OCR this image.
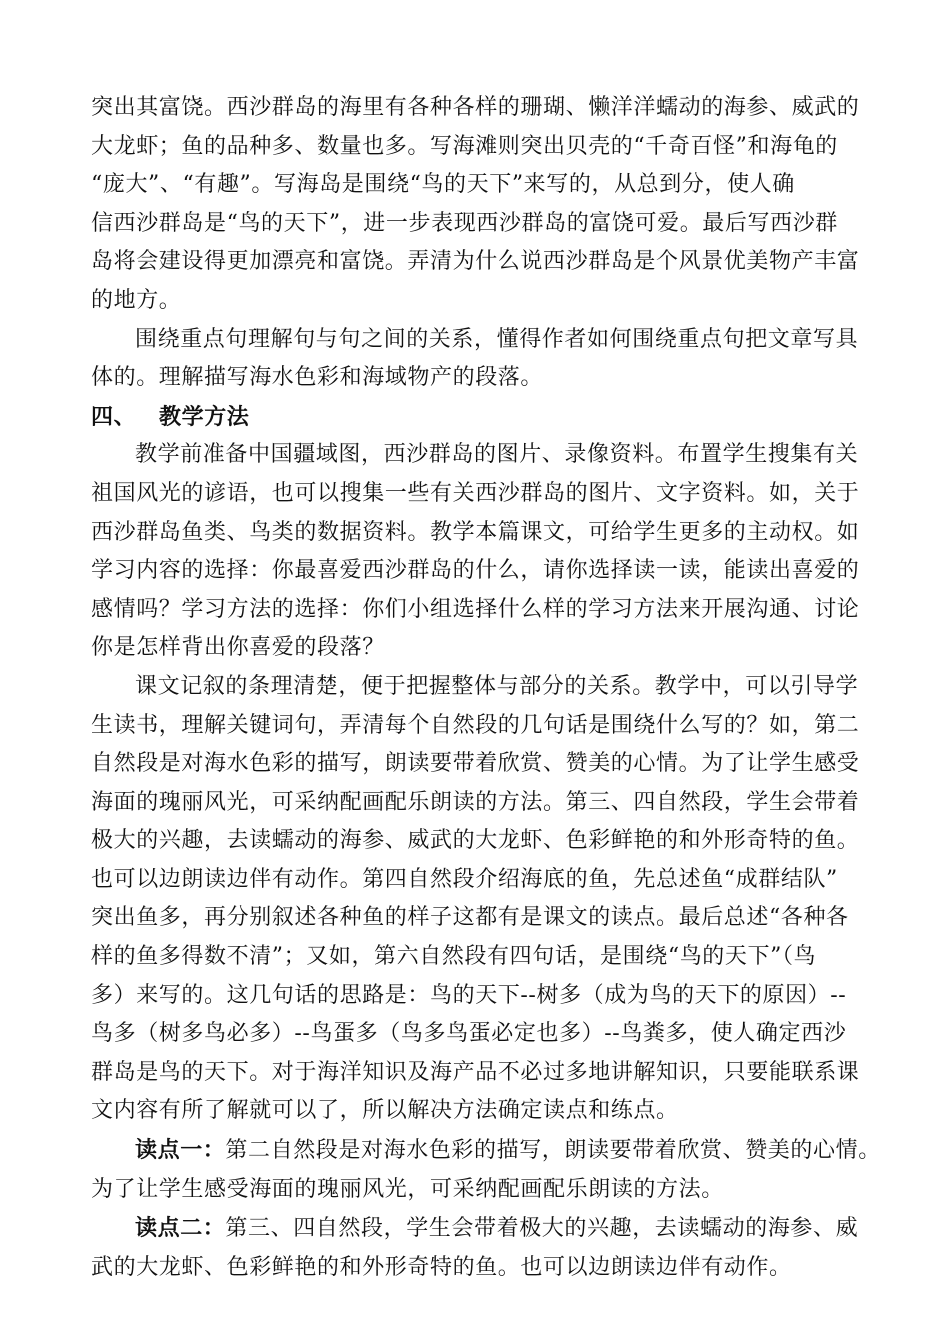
突出其富饶。西沙群岛的海里有各种各样的珊瑚、懒洋洋蠕动的海参、威武的
大龙虾；鱼的品种多、数量也多。写海滩则突出贝壳的“千奇百怪”和海龟的
“庞大”、“有趣”。写海岛是围绕“鸟的天下”来写的，从总到分，使人确
信西沙群岛是“鸟的天下”，进一步表现西沙群岛的富饶可爱。最后写西沙群
岛将会建设得更加漂亮和富饶。弄清为什么说西沙群岛是个风景优美物产丰富
的地方。

围绕重点句理解句与句之间的关系，懂得作者如何围绕重点句把文章写具
体的。理解描写海水色彩和海域物产的段落。

四、 教学方法

教学前准备中国疆域图，西沙群岛的图片、录像资料。布置学生搜集有关
祖国风光的谚语，也可以搜集一些有关西沙群岛的图片、文字资料。如，关于
西沙群岛鱼类、鸟类的数据资料。教学本篇课文，可给学生更多的主动权。如
学习内容的选择：你最喜爱西沙群岛的什么，请你选择读一读，能读出喜爱的
感情吗？学习方法的选择：你们小组选择什么样的学习方法来开展沟通、讨论
你是怎样背出你喜爱的段落？

课文记叙的条理清楚，便于把握整体与部分的关系。教学中，可以引导学
生读书，理解关键词句，弄清每个自然段的几句话是围绕什么写的？如，第二
自然段是对海水色彩的描写，朗读要带着欣赏、赞美的心情。为了让学生感受
海面的瑰丽风光，可采纳配画配乐朗读的方法。第三、四自然段，学生会带着
极大的兴趣，去读蠕动的海参、威武的大龙虾、色彩鲜艳的和外形奇特的鱼。
也可以边朗读边伴有动作。第四自然段介绍海底的鱼，先总述鱼“成群结队”
突出鱼多，再分别叙述各种鱼的样子这都有是课文的读点。最后总述“各种各
样的鱼多得数不清”；又如，第六自然段有四句话，是围绕“鸟的天下”（鸟
多）来写的。这几句话的思路是：鸟的天下--树多（成为鸟的天下的原因）--
鸟多（树多鸟必多）--鸟蛋多（鸟多鸟蛋必定也多）--鸟粪多，使人确定西沙
群岛是鸟的天下。对于海洋知识及海产品不必过多地讲解知识，只要能联系课
文内容有所了解就可以了，所以解决方法确定读点和练点。

读点一：第二自然段是对海水色彩的描写，朗读要带着欣赏、赞美的心情。
为了让学生感受海面的瑰丽风光，可采纳配画配乐朗读的方法。

读点二：第三、四自然段，学生会带着极大的兴趣，去读蠕动的海参、威
武的大龙虾、色彩鲜艳的和外形奇特的鱼。也可以边朗读边伴有动作。
